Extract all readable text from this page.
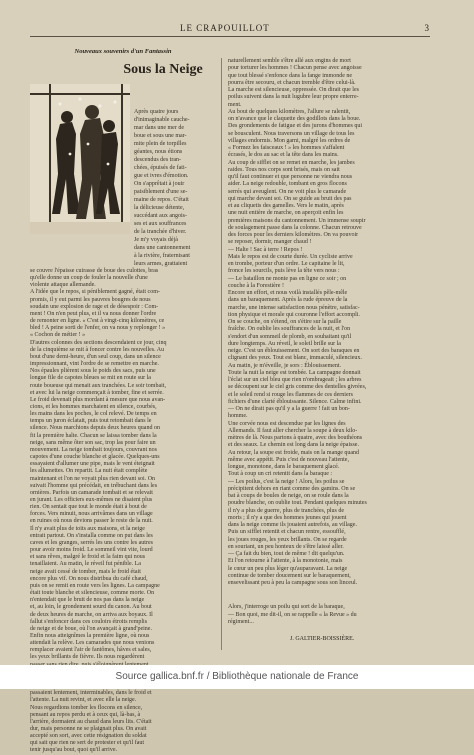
LE CRAPOUILLOT	3

Nouveaux souvenirs d'un Fantassin

Sous la Neige
Après quatre jours
d'inimaginable cauche-
mar dans une mer de
boue et sous une mar-
mite plein de torpilles
géantes, nous étions
descendus des tran-
chées, épuisés de fati-
gue et ivres d'émotion.
On s'apprêtait à jouir
paisiblement d'une se-
maine de repos. C'était
la délicieuse détente,
succédant aux angois-
ses et aux souffrances
de la tranchée d'hiver.
Je m'y voyais déjà
dans une cantonnement
à la rivière, fraternisant
leurs armes, grattaient
se couvre l'épaisse cuirasse de boue des culottes, bras
qu'elle donne un coup de fouler la nouvelle d'une
violente attaque allemande.
A l'idée que le repos, si péniblement gagné, était com-
promis, il y eut parmi les pauvres bougres de nous
soudain une explosion de rage et de désespoir : Com-
ment ! On n'en peut plus, et il va nous donner l'ordre
de remonter en ligne. « C'est à vingt-cinq kilomètres, ce
bled ! A peine sorti de l'enfer, on va nous y replonger ! »
« Cochon de métier ! »
D'autres colonnes des sections descendaient ce jour, cinq
de la cinquième se mit à foncer contre les nouvelles. Au
bout d'une demi-heure, d'un seul coup, dans un silence
impressionnant, vint l'ordre de se remettre en marche.
Nos épaules plièrent sous le poids des sacs, puis une
longue file de capotes bleues se mit en route sur la
route boueuse qui menait aux tranchées. Le soir tombait,
et avec lui la neige commençait à tomber, fine et serrée.
Le froid devenait plus mordant à mesure que nous avan-
cions, et les hommes marchaient en silence, courbés,
les mains dans les poches, le col relevé. De temps en
temps un juron éclatait, puis tout retombait dans le
silence. Nous marchions depuis deux heures quand on
fit la première halte. Chacun se laissa tomber dans la
neige, sans même ôter son sac, trop las pour faire un
mouvement. La neige tombait toujours, couvrant nos
capotes d'une couche blanche et glacée. Quelques-uns
essayaient d'allumer une pipe, mais le vent éteignait
les allumettes. On repartit. La nuit était complète
maintenant et l'on ne voyait plus rien devant soi. On
suivait l'homme qui précédait, en trébuchant dans les
ornières. Parfois un camarade tombait et se relevait
en jurant. Les officiers eux-mêmes ne disaient plus
rien. On sentait que tout le monde était à bout de
forces. Vers minuit, nous arrivâmes dans un village
en ruines où nous devions passer le reste de la nuit.
Il n'y avait plus de toits aux maisons, et la neige
entrait partout. On s'installa comme on put dans les
caves et les granges, serrés les uns contre les autres
pour avoir moins froid. Le sommeil vint vite, lourd
et sans rêves, malgré le froid et la faim qui nous
tenaillaient. Au matin, le réveil fut pénible. La
neige avait cessé de tomber, mais le froid était
encore plus vif. On nous distribua du café chaud,
puis on se remit en route vers les lignes. La campagne
était toute blanche et silencieuse, comme morte. On
n'entendait que le bruit de nos pas dans la neige
et, au loin, le grondement sourd du canon. Au bout
de deux heures de marche, on arriva aux boyaux. Il
fallut s'enfoncer dans ces couloirs étroits remplis
de neige et de boue, où l'on avançait à grand'peine.
Enfin nous atteignîmes la première ligne, où nous
attendait la relève. Les camarades que nous venions
remplacer avaient l'air de fantômes, hâves et sales,
les yeux brillants de fièvre. Ils nous regardèrent
passaient lentement, interminables, dans le froid et
l'attente. La nuit revint, et avec elle la neige.
Nous regardions tomber les flocons en silence,
pensant au repos perdu et à ceux qui, là-bas, à
l'arrière, dormaient au chaud dans leurs lits. C'était
dur, mais personne ne se plaignait plus. On avait
accepté son sort, avec cette résignation du soldat
qui sait que rien ne sert de protester et qu'il faut
tenir jusqu'au bout, quoi qu'il arrive.
naturellement semble s'être allé aux engins de mort
pour torturer les hommes ! Chacun pense avec angoisse
que tout blessé s'enfonce dans la fange immonde ne
pourra être secouru, et chacun tremble d'être celui-là.
La marche est silencieuse, oppressée. On dirait que les
poilus suivent dans la nuit lugubre leur propre enterre-
ment.
Au bout de quelques kilomètres, l'allure se ralentit,
on n'avance que le claquette des godillots dans la boue.
Des grondements de fatigue et des jurons d'hommes qui
se bousculent. Nous traversons un village de tous les
villages endormis. Mon garni, malgré les ordres de
« Formez les faisceaux ! » les hommes s'affalent
écrasés, le dos au sac et la tête dans les mains.
Au coup de sifflet on se remet en marche, les jambes
raides. Tous nos corps sont brisés, mais on sait
qu'il faut continuer et que personne ne viendra nous
aider. La neige redouble, tombant en gros flocons
serrés qui aveuglent. On ne voit plus le camarade
qui marche devant soi. On se guide au bruit des pas
et au cliquetis des gamelles. Vers le matin, après
une nuit entière de marche, on aperçoit enfin les
premières maisons du cantonnement. Un immense soupir
de soulagement passe dans la colonne. Chacun retrouve
des forces pour les derniers kilomètres. On va pouvoir
se reposer, dormir, manger chaud !
— Halte ! Sac à terre ! Repos !
Mais le repos est de courte durée. Un cycliste arrive
en trombe, porteur d'un ordre. Le capitaine le lit,
fronce les sourcils, puis lève la tête vers nous :
— Le bataillon ne monte pas en ligne ce soir ; on
couche à la Forestière !
Encore un effort, et nous voilà installés pêle-mêle
dans un baraquement. Après la rude épreuve de la
marche, une intense satisfaction nous pénètre, satisfac-
tion physique et morale qui couronne l'effort accompli.
On se couche, on s'étend, on s'étire sur la paille
fraîche. On oublie les souffrances de la nuit, et l'on
s'endort d'un sommeil de plomb, en souhaitant qu'il
dure longtemps. Au réveil, le soleil brille sur la
neige. C'est un éblouissement. On sort des baraques en
clignant des yeux. Tout est blanc, immaculé, silencieux.
Au matin, je m'éveille, je sors : Éblouissement.
Toute la nuit la neige est tombée. La campagne donnait
l'éclat sur un ciel bleu que rien n'ombrageait ; les arbres
se découpent sur le ciel gris comme des dentelles givrées,
et le soleil rend si rouge les flammes de ces derniers
fichiers d'une clarté éblouissante. Silence. Calme infini.
— On ne dirait pas qu'il y a la guerre ! fait un bon-
homme.
Une corvée nous est descendue par les lignes des
Allemands. Il faut aller chercher la soupe à deux kilo-
mètres de là. Nous partons à quatre, avec des bouthéons
et des seaux. Le chemin est long dans la neige épaisse.
Au retour, la soupe est froide, mais on la mange quand
même avec appétit. Puis c'est de nouveau l'attente,
longue, monotone, dans le baraquement glacé.
Tout à coup un cri retentit dans la baraque :
— Les poilus, c'est la neige ! Alors, les poilus se
précipitent dehors en riant comme des gamins. On se
bat à coups de boules de neige, on se roule dans la
poudre blanche, on oublie tout. Pendant quelques minutes
il n'y a plus de guerre, plus de tranchées, plus de
morts ; il n'y a que des hommes jeunes qui jouent
dans la neige comme ils jouaient autrefois, au village.
Puis un sifflet retentit et chacun rentre, essoufflé,
les joues rouges, les yeux brillants. On se regarde
en souriant, un peu honteux de s'être laissé aller.
— Ça fait du bien, tout de même ! dit quelqu'un.
Et l'on retourne à l'attente, à la monotonie, mais
le cœur un peu plus léger qu'auparavant. La neige
continue de tomber doucement sur le baraquement,
ensevelissant peu à peu la campagne sous son linceul.
Alors, j'interroge un poilu qui sort de la baraque,
— Bon quoi, me dit-il, on se rappelle « la Revue » du
régiment...
J. GALTIER-BOISSIÈRE.
Source gallica.bnf.fr / Bibliothèque nationale de France
